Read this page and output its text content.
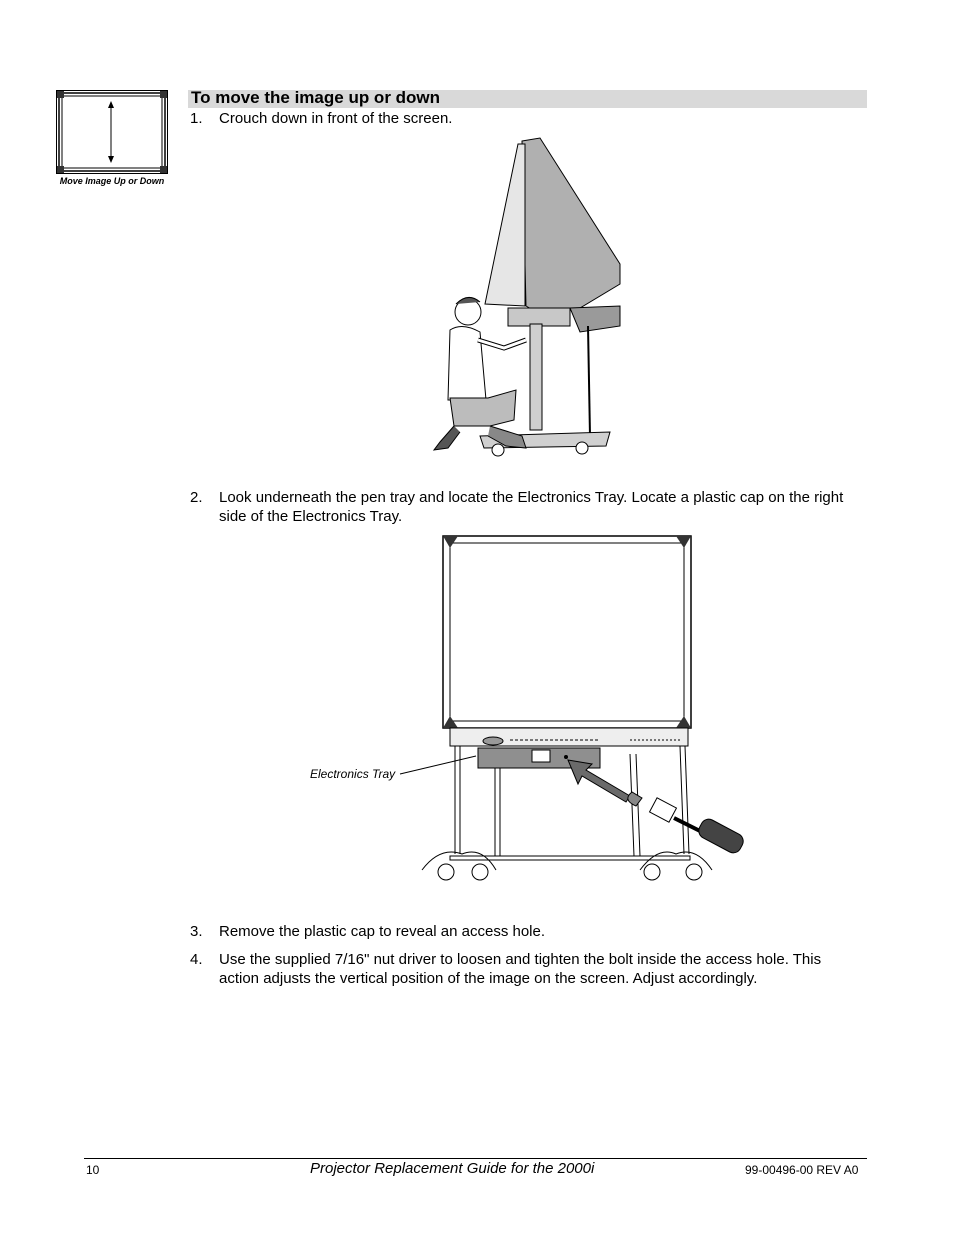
Move Image Up or Down
To move the image up or down
1.	Crouch down in front of the screen.
2.	Look underneath the pen tray and locate the Electronics Tray. Locate a plastic cap on the right side of the Electronics Tray.
Electronics Tray
3.	Remove the plastic cap to reveal an access hole.
4.	Use the supplied 7/16" nut driver to loosen and tighten the bolt inside the access hole. This action adjusts the vertical position of the image on the screen. Adjust accordingly.
10	Projector Replacement Guide for the 2000i	99-00496-00 REV A0
